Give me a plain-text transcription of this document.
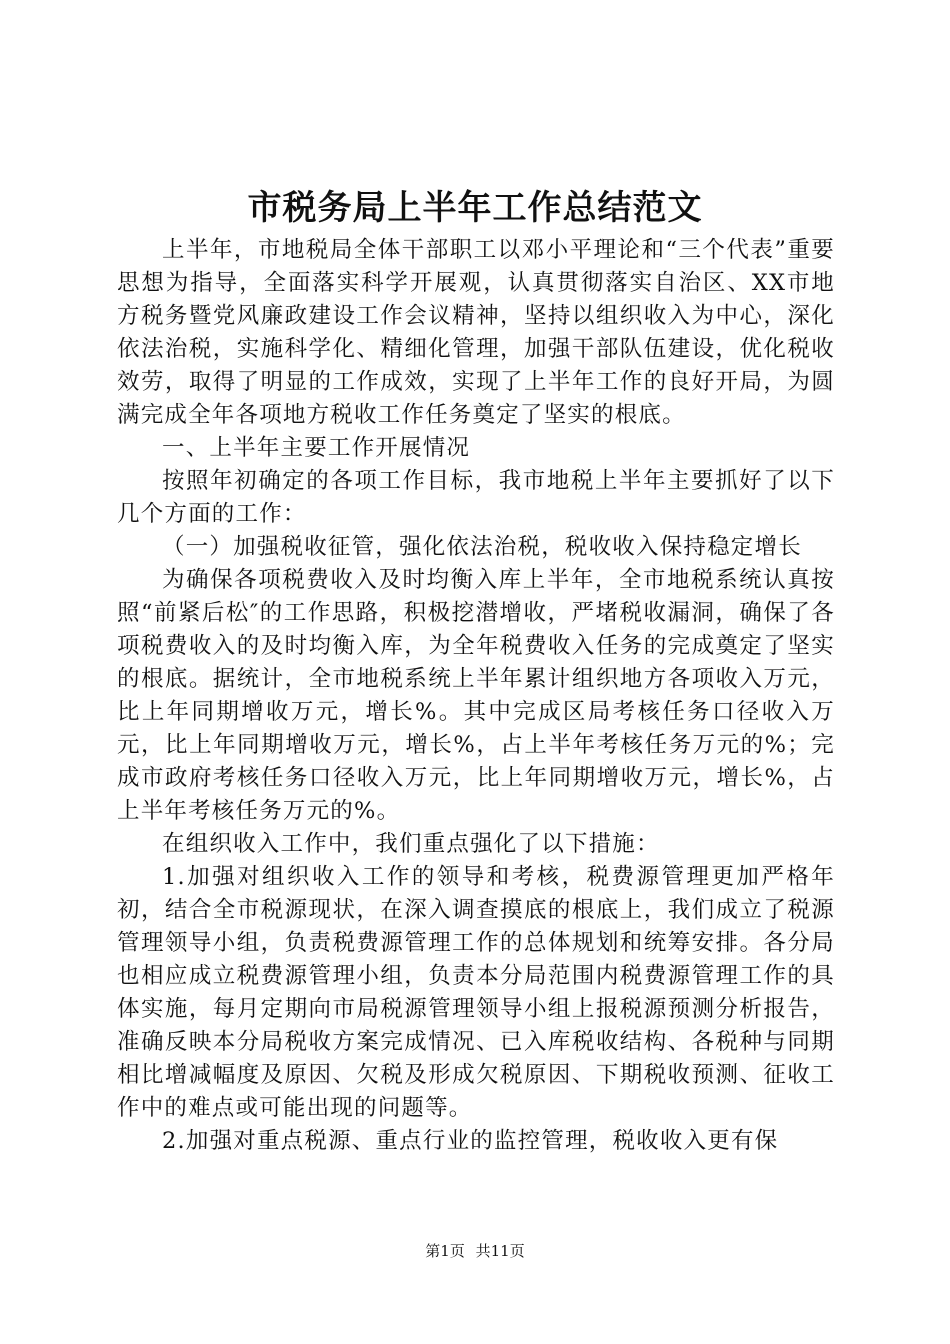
市税务局上半年工作总结范文

上半年，市地税局全体干部职工以邓小平理论和“三个代表”重要思想为指导，全面落实科学开展观，认真贯彻落实自治区、XX市地方税务暨党风廉政建设工作会议精神，坚持以组织收入为中心，深化依法治税，实施科学化、精细化管理，加强干部队伍建设，优化税收效劳，取得了明显的工作成效，实现了上半年工作的良好开局，为圆满完成全年各项地方税收工作任务奠定了坚实的根底。

一、上半年主要工作开展情况

按照年初确定的各项工作目标，我市地税上半年主要抓好了以下几个方面的工作：

（一）加强税收征管，强化依法治税，税收收入保持稳定增长

为确保各项税费收入及时均衡入库上半年，全市地税系统认真按照“前紧后松″的工作思路，积极挖潜增收，严堵税收漏洞，确保了各项税费收入的及时均衡入库，为全年税费收入任务的完成奠定了坚实的根底。据统计，全市地税系统上半年累计组织地方各项收入万元，比上年同期增收万元，增长%。其中完成区局考核任务口径收入万元，比上年同期增收万元，增长%，占上半年考核任务万元的%；完成市政府考核任务口径收入万元，比上年同期增收万元，增长%，占上半年考核任务万元的%。

在组织收入工作中，我们重点强化了以下措施：

1.加强对组织收入工作的领导和考核，税费源管理更加严格年初，结合全市税源现状，在深入调查摸底的根底上，我们成立了税源管理领导小组，负责税费源管理工作的总体规划和统筹安排。各分局也相应成立税费源管理小组，负责本分局范围内税费源管理工作的具体实施，每月定期向市局税源管理领导小组上报税源预测分析报告，准确反映本分局税收方案完成情况、已入库税收结构、各税种与同期相比增减幅度及原因、欠税及形成欠税原因、下期税收预测、征收工作中的难点或可能出现的问题等。

2.加强对重点税源、重点行业的监控管理，税收收入更有保

第1页 共11页
